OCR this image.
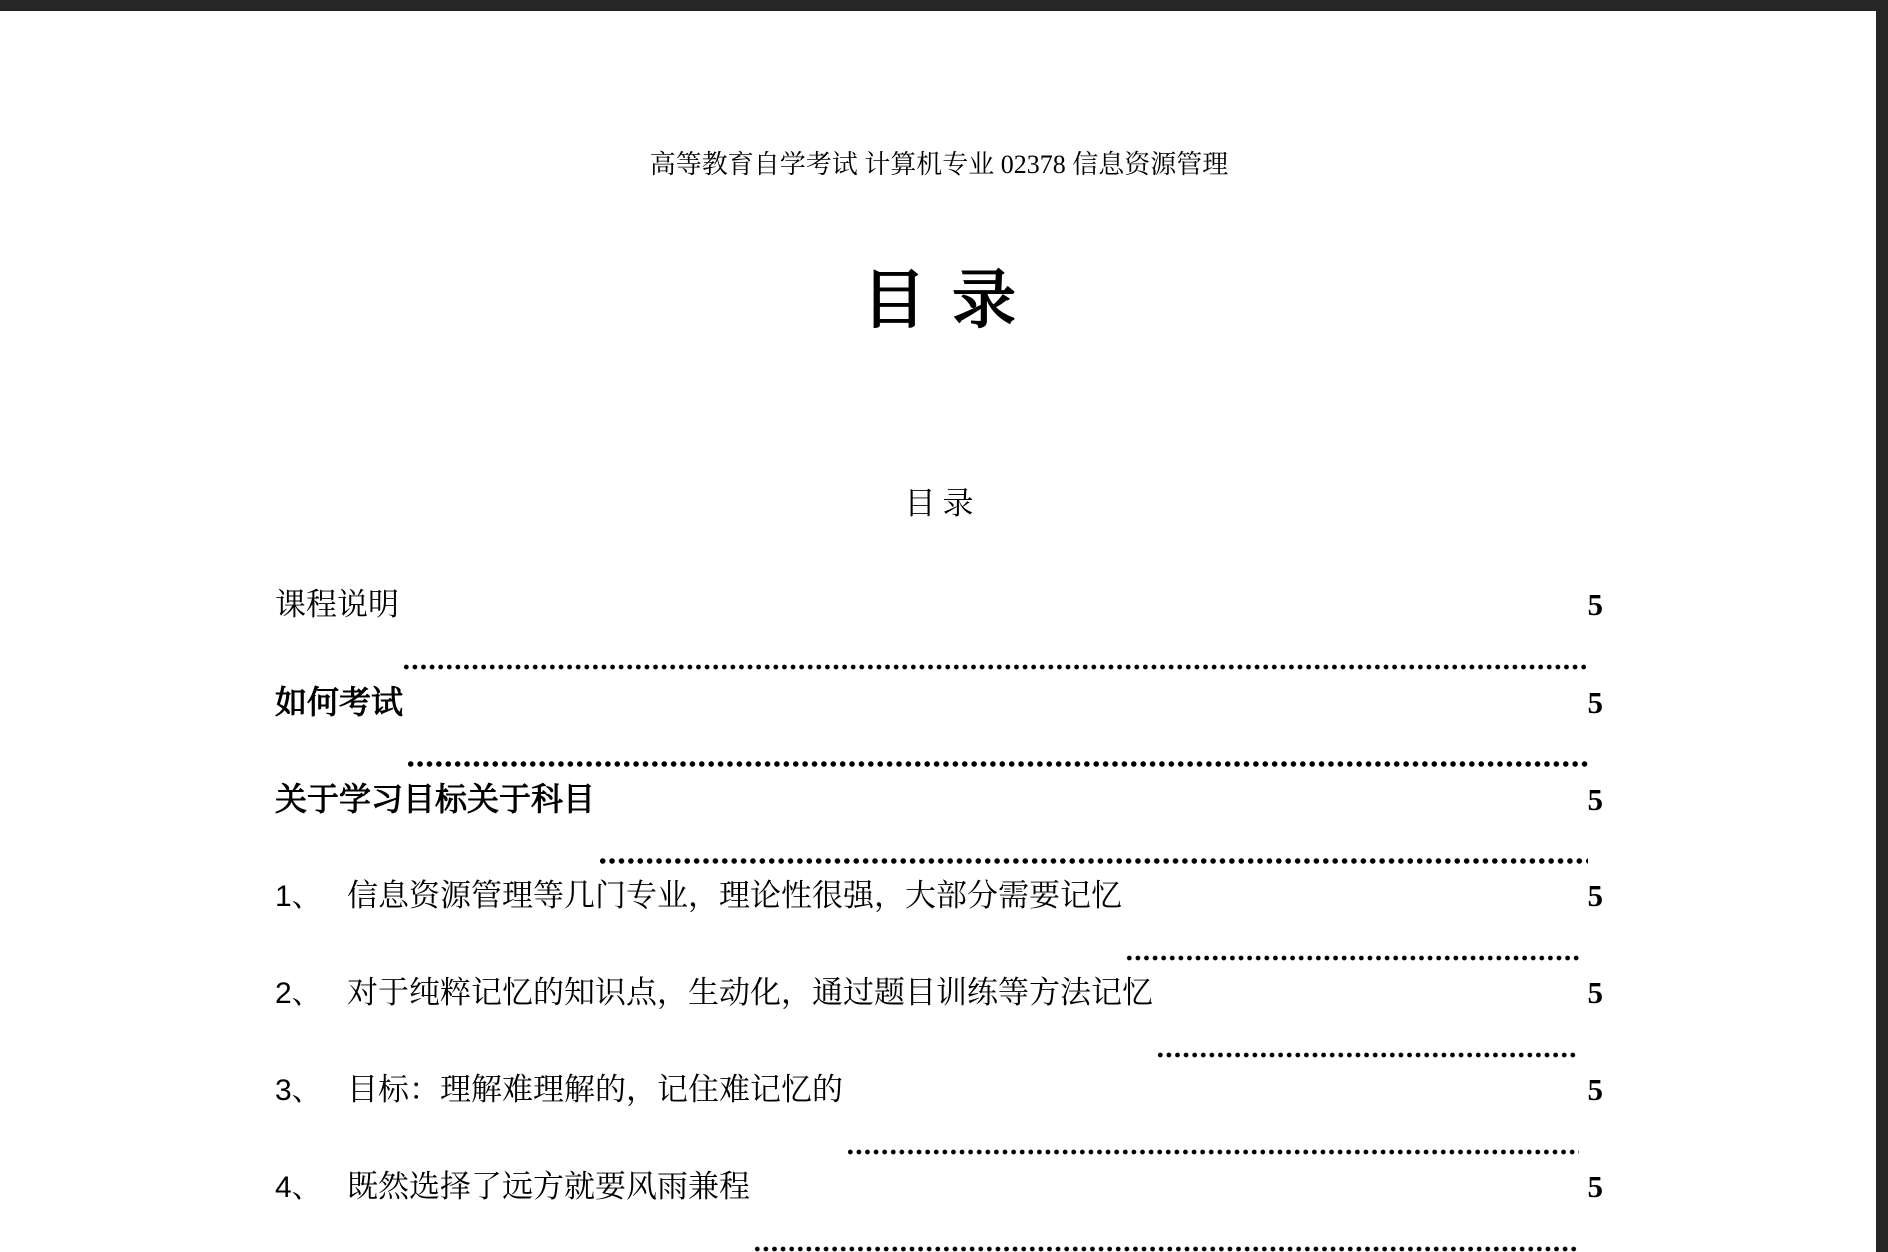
高等教育自学考试 计算机专业 02378 信息资源管理
目录
目录
课程说明	5
如何考试	5
关于学习目标关于科目	5
1、 信息资源管理等几门专业，理论性很强，大部分需要记忆	5
2、 对于纯粹记忆的知识点，生动化，通过题目训练等方法记忆	5
3、 目标：理解难理解的，记住难记忆的	5
4、 既然选择了远方就要风雨兼程	5
